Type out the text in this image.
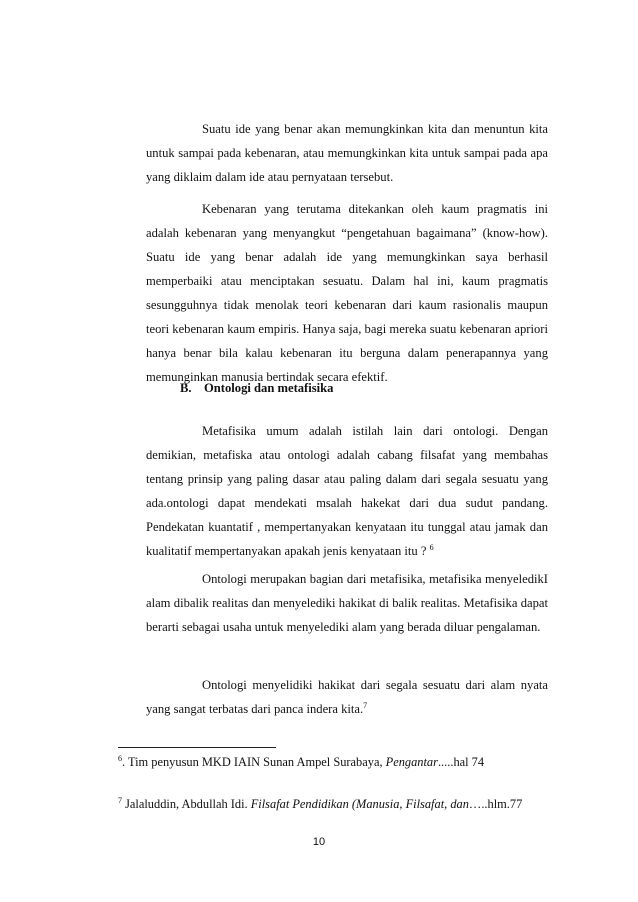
Suatu ide yang benar akan memungkinkan kita dan menuntun kita untuk sampai pada kebenaran, atau memungkinkan kita untuk sampai pada apa yang diklaim dalam ide atau pernyataan tersebut.

Kebenaran yang terutama ditekankan oleh kaum pragmatis ini adalah kebenaran yang menyangkut “pengetahuan bagaimana” (know-how). Suatu ide yang benar adalah ide yang memungkinkan saya berhasil memperbaiki atau menciptakan sesuatu. Dalam hal ini, kaum pragmatis sesungguhnya tidak menolak teori kebenaran dari kaum rasionalis maupun teori kebenaran kaum empiris. Hanya saja, bagi mereka suatu kebenaran apriori hanya benar bila kalau kebenaran itu berguna dalam penerapannya yang memunginkan manusia bertindak secara efektif.

B. Ontologi dan metafisika

Metafisika umum adalah istilah lain dari ontologi. Dengan demikian, metafiska atau ontologi adalah cabang filsafat yang membahas tentang prinsip yang paling dasar atau paling dalam dari segala sesuatu yang ada.ontologi dapat mendekati msalah hakekat dari dua sudut pandang. Pendekatan kuantatif , mempertanyakan kenyataan itu tunggal atau jamak dan kualitatif mempertanyakan apakah jenis kenyataan itu ? $^6$

Ontologi merupakan bagian dari metafisika, metafisika menyeledikI alam dibalik realitas dan menyelediki hakikat di balik realitas. Metafisika dapat berarti sebagai usaha untuk menyelediki alam yang berada diluar pengalaman.

Ontologi menyelidiki hakikat dari segala sesuatu dari alam nyata yang sangat terbatas dari panca indera kita.$^7$

$^6$. Tim penyusun MKD IAIN Sunan Ampel Surabaya, Pengantar.....hal 74
$^7$ Jalaluddin, Abdullah Idi. Filsafat Pendidikan (Manusia, Filsafat, dan…..hlm.77
10
